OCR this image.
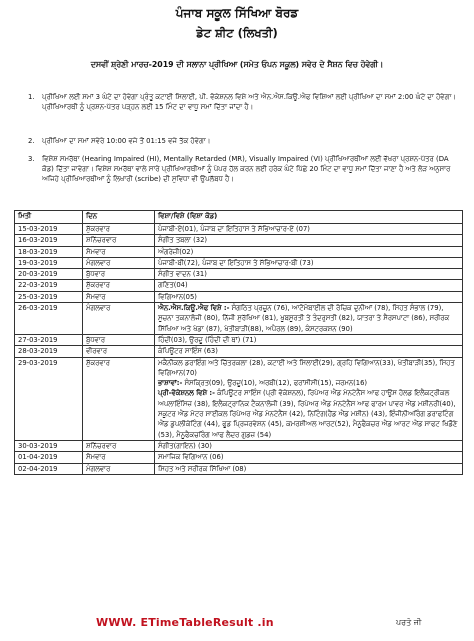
ਪੰਜਾਬ ਸਕੂਲ ਸਿੱਖਿਆ ਬੋਰਡ
ਡੇਟ ਸ਼ੀਟ (ਲਿਖਤੀ)
ਦਸਵੀਂ ਸ਼੍ਰੇਣੀ ਮਾਰਚ-2019 ਦੀ ਸਲਾਨਾ ਪ੍ਰੀਖਿਆ (ਸਮੇਤ ਓਪਨ ਸਕੂਲ) ਸਵੇਰ ਦੇ ਸੈਸ਼ਨ ਵਿਚ ਹੋਵੇਗੀ।
1.	ਪ੍ਰੀਖਿਆ ਲਈ ਸਮਾਂ 3 ਘੰਟੇ ਦਾ ਹੋਵੇਗਾ ਪ੍ਰੰਤੂ ਕਟਾਈ ਸਿਲਾਈ, ਪੀ. ਵੋਕੇਸ਼ਨਲ ਵਿਸ਼ੇ ਅਤੇ ਐਨ.ਐਸ.ਕਿਊ.ਐਫ ਵਿਸ਼ਿਆਂ ਲਈ ਪ੍ਰੀਖਿਆ ਦਾ ਸਮਾਂ 2:00 ਘੰਟੇ ਦਾ ਹੋਵੇਗਾ। ਪ੍ਰੀਖਿਆਰਥੀ ਨੂੰ ਪ੍ਰਸ਼ਨ-ਪੱਤਰ ਪੜ੍ਹਨ ਲਈ 15 ਮਿੰਟ ਦਾ ਵਾਧੂ ਸਮਾਂ ਦਿੱਤਾ ਜਾਂਦਾ ਹੈ।
2.	ਪ੍ਰੀਖਿਆ ਦਾ ਸਮਾਂ ਸਵੇਰੇ 10:00 ਵਜੇ ਤੋਂ 01:15 ਵਜੇ ਤੱਕ ਹੋਵੇਗਾ।
3.	ਵਿਸ਼ੇਸ਼ ਸਮਰੱਥਾ (Hearing Impaired (HI), Mentally Retarded (MR), Visually Impaired (VI) ਪ੍ਰੀਖਿਆਰਥੀਆਂ ਲਈ ਵੱਖਰਾ ਪ੍ਰਸ਼ਨ-ਪੱਤਰ (DA ਕੋਡ) ਦਿੱਤਾ ਜਾਵੇਗਾ। ਵਿਸ਼ੇਸ਼ ਸਮਰੱਥਾ ਵਾਲੇ ਸਾਰੇ ਪ੍ਰੀਖਿਆਰਥੀਆਂ ਨੂੰ ਪੇਪਰ ਹੱਲ ਕਰਨ ਲਈ ਹਰੇਕ ਘੰਟੇ ਪਿੱਛੇ 20 ਮਿੰਟ ਦਾ ਵਾਧੂ ਸਮਾਂ ਦਿੱਤਾ ਜਾਣਾ ਹੈ ਅਤੇ ਲੋੜ ਅਨੁਸਾਰ ਅਜਿਹੇ ਪ੍ਰੀਖਿਆਰਥੀਆਂ ਨੂੰ ਲਿਖਾਰੀ (scribe) ਦੀ ਸੁਵਿਧਾ ਵੀ ਉਪਲੱਬਧ ਹੈ।
ਮਿਤੀ	ਦਿਨ	ਵਿਸ਼ਾ/ਵਿਸ਼ੇ (ਵਿਸ਼ਾ ਕੋਡ)
15-03-2019	ਸ਼ੁੱਕਰਵਾਰ	ਪੰਜਾਬੀ-ਏ(01), ਪੰਜਾਬ ਦਾ ਇਤਿਹਾਸ ਤੇ ਸੱਭਿਆਚਾਰ-ਏ (07)
16-03-2019	ਸ਼ਨਿੱਚਰਵਾਰ	ਸੰਗੀਤ ਤਬਲਾ (32)
18-03-2019	ਸੋਮਵਾਰ	ਅੰਗਰੇਜ਼ੀ(02)
19-03-2019	ਮੰਗਲਵਾਰ	ਪੰਜਾਬੀ-ਬੀ(72), ਪੰਜਾਬ ਦਾ ਇਤਿਹਾਸ ਤੇ ਸੱਭਿਆਚਾਰ-ਬੀ (73)
20-03-2019	ਬੁੱਧਵਾਰ	ਸੰਗੀਤ ਵਾਦਨ (31)
22-03-2019	ਸ਼ੁੱਕਰਵਾਰ	ਗਣਿਤ(04)
25-03-2019	ਸੋਮਵਾਰ	ਵਿਗਿਆਨ(05)
26-03-2019	ਮੰਗਲਵਾਰ	ਐਨ.ਐਸ.ਕਿਊ.ਐਫ ਵਿਸ਼ੇ :- ਸੰਗਠਿਤ ਪ੍ਰਚੂਨ (76), ਆਟੋਮੋਬਾਈਲ ਦੀ ਰੋਚਿਕ ਦੁਨੀਆਂ (78), ਸਿਹਤ ਸੰਭਾਲ (79), ਸੂਚਨਾ ਤਕਨਾਲੋਜੀ (80), ਨਿੱਜੀ ਸੁਰੱਖਿਆ (81), ਖੂਬਸੂਰਤੀ ਤੇ ਤੰਦਰੁਸਤੀ (82), ਯਾਤਰਾ ਤੇ ਸੈਰਸਪਾਟਾ (86), ਸਰੀਰਕ ਸਿੱਖਿਆ ਅਤੇ ਖੇਡਾ (87), ਖੇਤੀਬਾੜੀ(88), ਅਪੈਰਲ (89), ਕੰਸਟਰਕਸ਼ਨ (90)
27-03-2019	ਬੁੱਧਵਾਰ	ਹਿੰਦੀ(03), ਉਰਦੂ (ਹਿੰਦੀ ਦੀ ਥਾਂ) (71)
28-03-2019	ਵੀਰਵਾਰ	ਕੰਪਿਊਟਰ ਸਾਇੰਸ (63)
29-03-2019	ਸ਼ੁੱਕਰਵਾਰ	ਮਕੈਨੀਕਲ ਡਰਾਇੰਗ ਅਤੇ ਚਿੱਤਰਕਲਾ (28), ਕਟਾਈ ਅਤੇ ਸਿਲਾਈ(29), ਗ੍ਰਹਿ ਵਿਗਿਆਨ(33), ਖੇਤੀਬਾੜੀ(35), ਸਿਹਤ ਵਿਗਿਆਨ(70)
ਭਾਸ਼ਾਵਾਂ:- ਸੰਸਕ੍ਰਿਤ(09), ਉਰਦੂ(10), ਅਰਬੀ(12), ਫਰਾਂਸੀਸੀ(15), ਜਰਮਨ(16)
ਪ੍ਰੀ-ਵੋਕੇਸ਼ਨਲ ਵਿਸ਼ੇ :- ਕੰਪਿਊਟਰ ਸਾਇੰਸ (ਪ੍ਰੀ ਵੋਕੇਸ਼ਨਲ), ਰਿਪੇਅਰ ਐਂਡ ਮੇਨਟੇਨੈਂਸ ਆਫ ਹਾਊਸ ਹੋਲਡ ਇਲੈਕਟ੍ਰੀਕਲ ਅਪਲਾਇੰਸਿਜ਼ (38), ਇਲੈਕਟ੍ਰਾਨਿਕ ਟੈਕਨਾਲੋਜੀ (39), ਰਿਪੇਅਰ ਐਂਡ ਮੇਨਟੇਨੈਂਸ ਆਫ ਫਾਰਮ ਪਾਵਰ ਐਂਡ ਮਸ਼ੀਨਰੀ(40), ਸਕੂਟਰ ਐਂਡ ਮੋਟਰ ਸਾਈਕਲ ਰਿਪੇਅਰ ਐਂਡ ਮੇਨਟੇਨੈਂਸ (42), ਨਿਟਿੰਗ(ਹੈਂਡ ਐਂਡ ਮਸ਼ੀਨ) (43), ਇੰਜੀਨੀਅਰਿੰਗ ਡਰਾਫਟਿੰਗ ਐਂਡ ਡੁਪਲੀਕੇਟਿੰਗ (44), ਫੂਡ ਪ੍ਰਿਜਰਵੇਸ਼ਨ (45), ਕਮਰਸ਼ੀਅਲ ਆਰਟ(52), ਮੈਨੂਫੈਕਚਰ ਐਂਡ ਆਰਟ ਐਂਡ ਸਾਫਟ ਖਿਡੌਣੇ (53), ਮੈਨੂਫੈਕਚਰਿੰਗ ਆਫ ਲੈਦਰ ਗੁਡਜ਼ (54)

30-03-2019	ਸ਼ਨਿੱਚਰਵਾਰ	ਸੰਗੀਤ(ਗਾਇਨ) (30)
01-04-2019	ਸੋਮਵਾਰ	ਸਮਾਜਿਕ ਵਿਗਿਆਨ (06)
02-04-2019	ਮੰਗਲਵਾਰ	ਸਿਹਤ ਅਤੇ ਸਰੀਰਕ ਸਿੱਖਿਆ (08)
WWW. ETimeTableResult .in	ਪਰਤੋ ਜੀ
